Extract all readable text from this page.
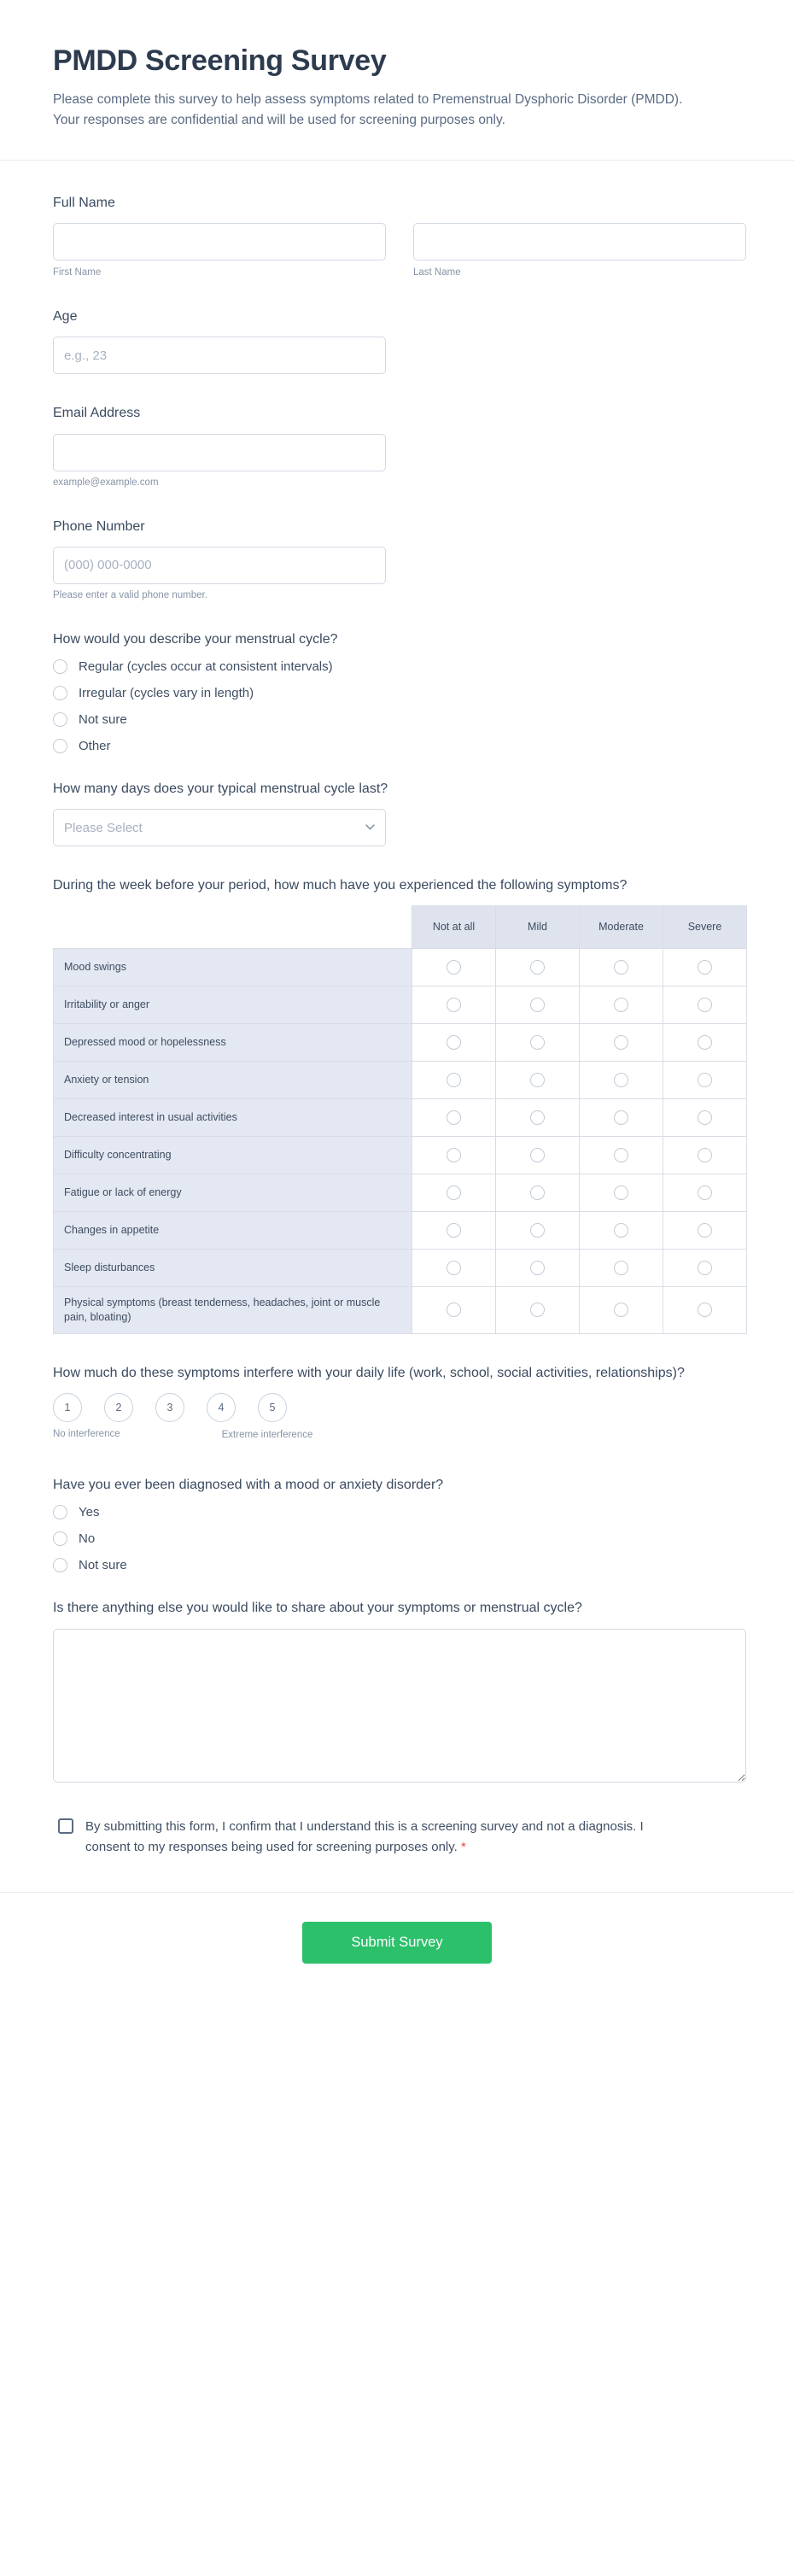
PMDD Screening Survey

Please complete this survey to help assess symptoms related to Premenstrual Dysphoric Disorder (PMDD). Your responses are confidential and will be used for screening purposes only.

Full Name
First Name	Last Name
Age
e.g., 23
Email Address
example@example.com
Phone Number
(000) 000-0000
Please enter a valid phone number.
How would you describe your menstrual cycle?
Regular (cycles occur at consistent intervals)
Irregular (cycles vary in length)
Not sure
Other
How many days does your typical menstrual cycle last?
Please Select
During the week before your period, how much have you experienced the following symptoms?
	Not at all	Mild	Moderate	Severe
Mood swings				
Irritability or anger				
Depressed mood or hopelessness				
Anxiety or tension				
Decreased interest in usual activities				
Difficulty concentrating				
Fatigue or lack of energy				
Changes in appetite				
Sleep disturbances				
Physical symptoms (breast tenderness, headaches, joint or muscle pain, bloating)				
How much do these symptoms interfere with your daily life (work, school, social activities, relationships)?
1	2	3	4	5
No interference	Extreme interference
Have you ever been diagnosed with a mood or anxiety disorder?
Yes
No
Not sure
Is there anything else you would like to share about your symptoms or menstrual cycle?
By submitting this form, I confirm that I understand this is a screening survey and not a diagnosis. I consent to my responses being used for screening purposes only. *
Submit Survey
